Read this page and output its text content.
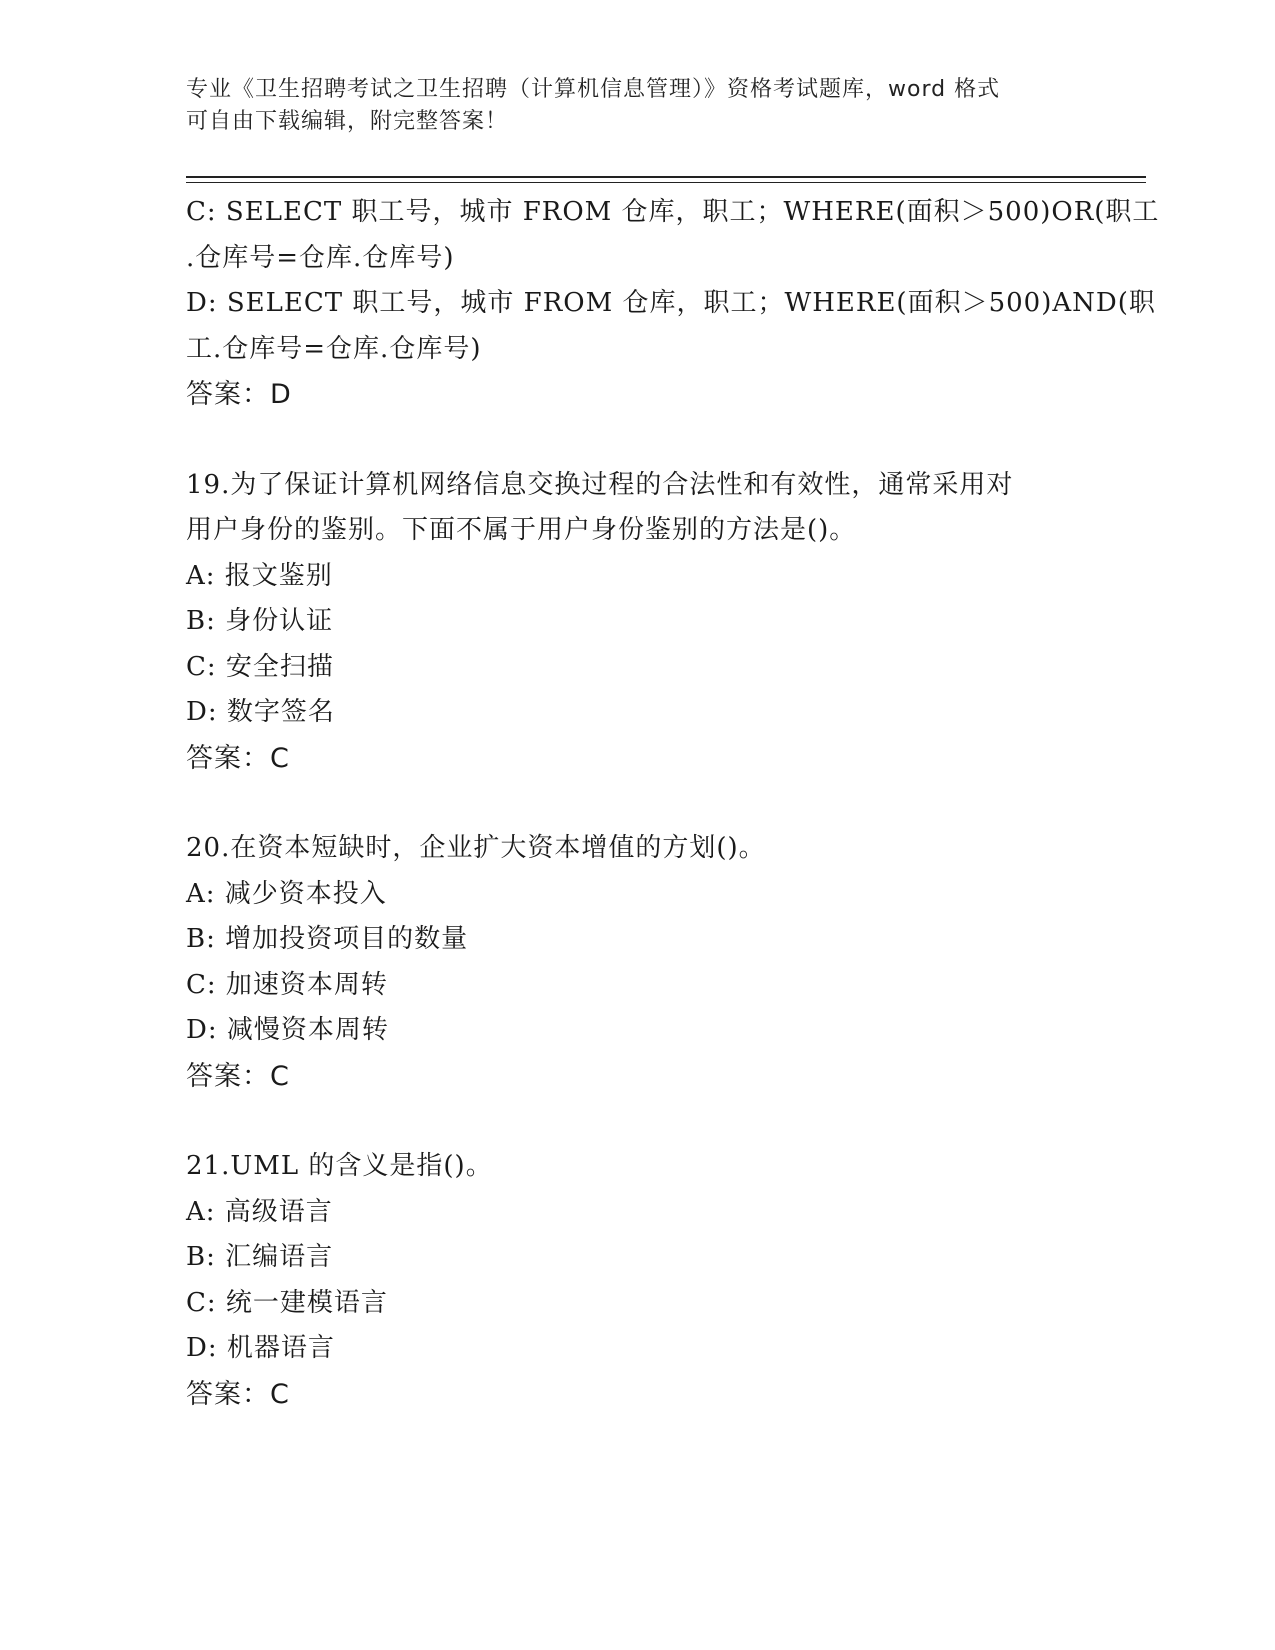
专业《卫生招聘考试之卫生招聘（计算机信息管理）》资格考试题库，word 格式
可自由下载编辑，附完整答案！
C: SELECT 职工号，城市 FROM 仓库，职工；WHERE(面积＞500)OR(职工
.仓库号=仓库.仓库号)
D: SELECT 职工号，城市 FROM 仓库，职工；WHERE(面积＞500)AND(职
工.仓库号=仓库.仓库号)
答案：D
19.为了保证计算机网络信息交换过程的合法性和有效性，通常采用对
用户身份的鉴别。下面不属于用户身份鉴别的方法是()。
A: 报文鉴别
B: 身份认证
C: 安全扫描
D: 数字签名
答案：C
20.在资本短缺时，企业扩大资本增值的方划()。
A: 减少资本投入
B: 增加投资项目的数量
C: 加速资本周转
D: 减慢资本周转
答案：C
21.UML 的含义是指()。
A: 高级语言
B: 汇编语言
C: 统一建模语言
D: 机器语言
答案：C
